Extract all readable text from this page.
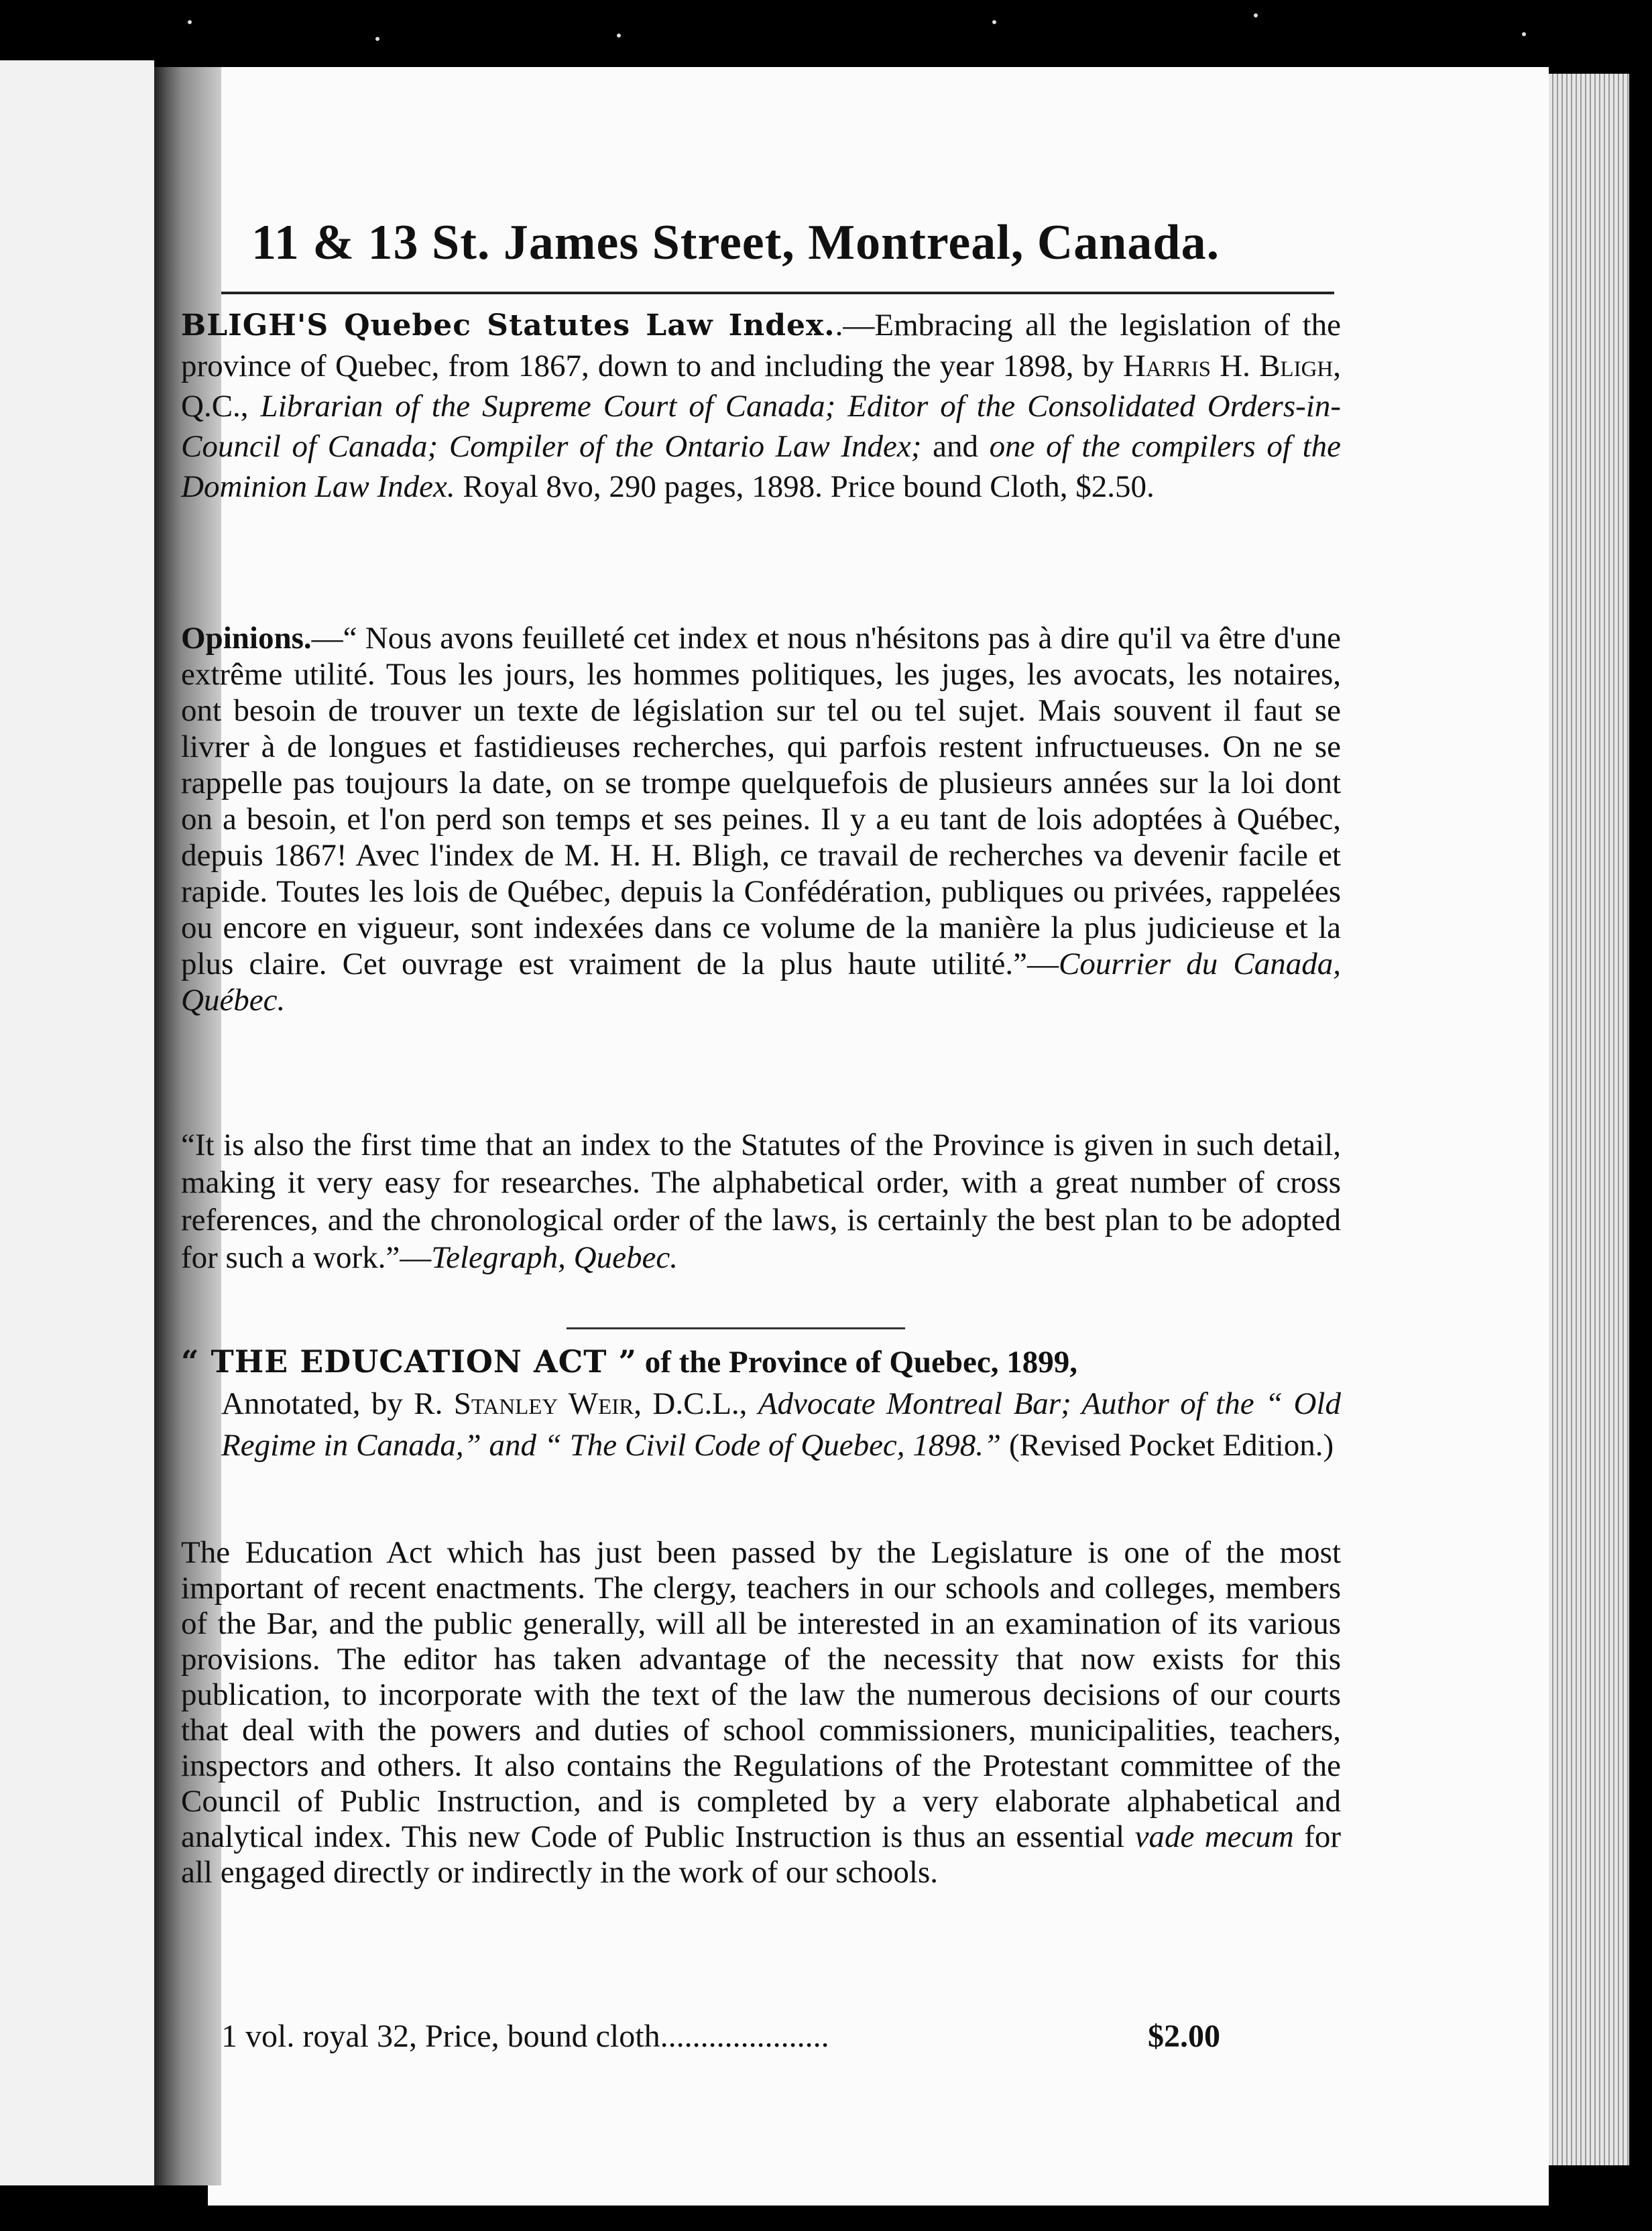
11 & 13 St. James Street, Montreal, Canada.

BLIGH'S Quebec Statutes Law Index..—Embracing all the legislation of the province of Quebec, from 1867, down to and including the year 1898, by Harris H. Bligh, Q.C., Librarian of the Supreme Court of Canada; Editor of the Consolidated Orders-in-Council of Canada; Compiler of the Ontario Law Index; and one of the compilers of the Dominion Law Index. Royal 8vo, 290 pages, 1898. Price bound Cloth, $2.50.

Opinions.—“ Nous avons feuilleté cet index et nous n'hésitons pas à dire qu'il va être d'une extrême utilité. Tous les jours, les hommes politiques, les juges, les avocats, les notaires, ont besoin de trouver un texte de législation sur tel ou tel sujet. Mais souvent il faut se livrer à de longues et fastidieuses recherches, qui parfois restent infructueuses. On ne se rappelle pas toujours la date, on se trompe quelquefois de plusieurs années sur la loi dont on a besoin, et l'on perd son temps et ses peines. Il y a eu tant de lois adoptées à Québec, depuis 1867! Avec l'index de M. H. H. Bligh, ce travail de recherches va devenir facile et rapide. Toutes les lois de Québec, depuis la Confédération, publiques ou privées, rappelées ou encore en vigueur, sont indexées dans ce volume de la manière la plus judicieuse et la plus claire. Cet ouvrage est vraiment de la plus haute utilité.”—Courrier du Canada, Québec.

“It is also the first time that an index to the Statutes of the Province is given in such detail, making it very easy for researches. The alphabetical order, with a great number of cross references, and the chronological order of the laws, is certainly the best plan to be adopted for such a work.”—Telegraph, Quebec.

“ THE EDUCATION ACT ” of the Province of Quebec, 1899,

Annotated, by R. Stanley Weir, D.C.L., Advocate Montreal Bar; Author of the “ Old Regime in Canada,” and “ The Civil Code of Quebec, 1898.” (Revised Pocket Edition.)

The Education Act which has just been passed by the Legislature is one of the most important of recent enactments. The clergy, teachers in our schools and colleges, members of the Bar, and the public generally, will all be interested in an examination of its various provisions. The editor has taken advantage of the necessity that now exists for this publication, to incorporate with the text of the law the numerous decisions of our courts that deal with the powers and duties of school commissioners, municipalities, teachers, inspectors and others. It also contains the Regulations of the Protestant committee of the Council of Public Instruction, and is completed by a very elaborate alphabetical and analytical index. This new Code of Public Instruction is thus an essential vade mecum for all engaged directly or indirectly in the work of our schools.

1 vol. royal 32, Price, bound cloth.....................	$2.00
